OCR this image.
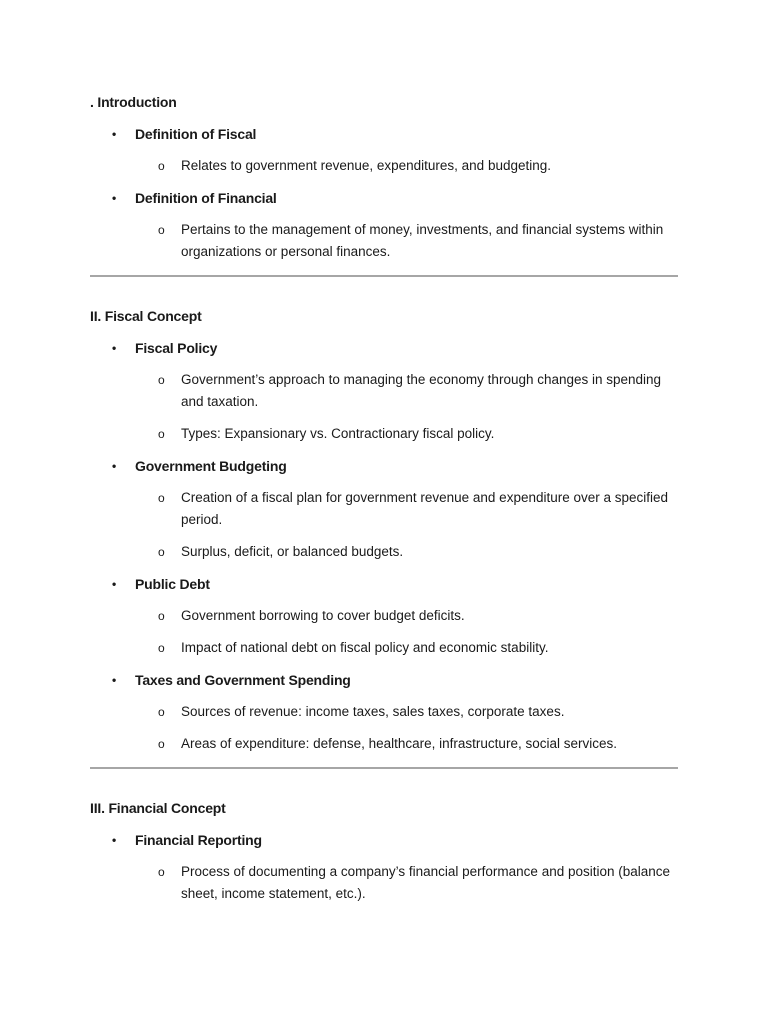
. Introduction
•	Definition of Fiscal
o Relates to government revenue, expenditures, and budgeting.
•	Definition of Financial
o Pertains to the management of money, investments, and financial systems within organizations or personal finances.
II. Fiscal Concept
•	Fiscal Policy
o Government’s approach to managing the economy through changes in spending and taxation.
o Types: Expansionary vs. Contractionary fiscal policy.
•	Government Budgeting
o Creation of a fiscal plan for government revenue and expenditure over a specified period.
o Surplus, deficit, or balanced budgets.
•	Public Debt
o Government borrowing to cover budget deficits.
o Impact of national debt on fiscal policy and economic stability.
•	Taxes and Government Spending
o Sources of revenue: income taxes, sales taxes, corporate taxes.
o Areas of expenditure: defense, healthcare, infrastructure, social services.
III. Financial Concept
•	Financial Reporting
o Process of documenting a company’s financial performance and position (balance sheet, income statement, etc.).
